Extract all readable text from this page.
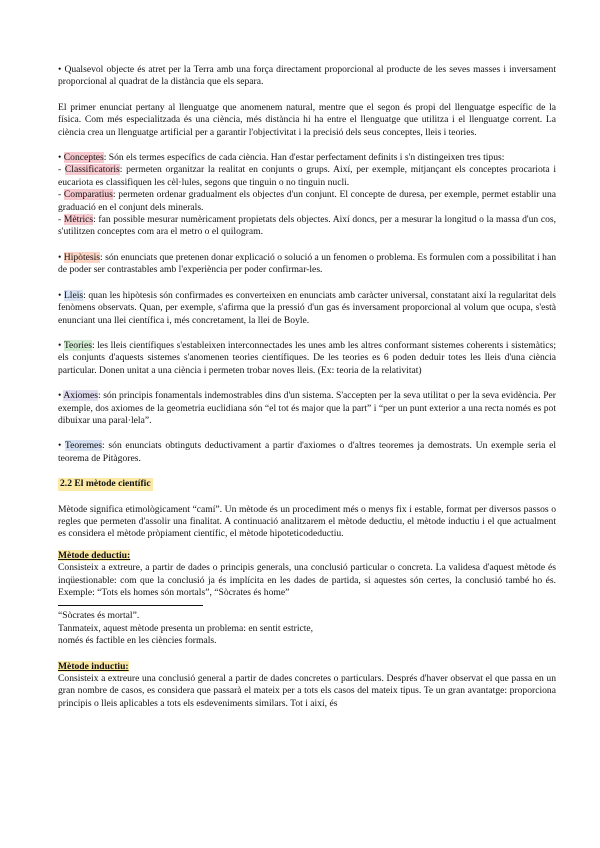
• Qualsevol objecte és atret per la Terra amb una força directament proporcional al producte de les seves masses i inversament proporcional al quadrat de la distància que els separa.

El primer enunciat pertany al llenguatge que anomenem natural, mentre que el segon és propi del llenguatge específic de la física. Com més especialitzada és una ciència, més distància hi ha entre el llenguatge que utilitza i el llenguatge corrent. La ciència crea un llenguatge artificial per a garantir l'objectivitat i la precisió dels seus conceptes, lleis i teories.

• Conceptes: Són els termes específics de cada ciència. Han d'estar perfectament definits i s'n distingeixen tres tipus:

- Classificatoris: permeten organitzar la realitat en conjunts o grups. Així, per exemple, mitjançant els conceptes procariota i eucariota es classifiquen les cèl·lules, segons que tinguin o no tinguin nucli.

- Comparatius: permeten ordenar gradualment els objectes d'un conjunt. El concepte de duresa, per exemple, permet establir una graduació en el conjunt dels minerals.

- Mètrics: fan possible mesurar numèricament propietats dels objectes. Així doncs, per a mesurar la longitud o la massa d'un cos, s'utilitzen conceptes com ara el metro o el quilogram.

• Hipòtesis: són enunciats que pretenen donar explicació o solució a un fenomen o problema. Es formulen com a possibilitat i han de poder ser contrastables amb l'experiència per poder confirmar-les.

• Lleis: quan les hipòtesis són confirmades es converteixen en enunciats amb caràcter universal, constatant així la regularitat dels fenòmens observats. Quan, per exemple, s'afirma que la pressió d'un gas és inversament proporcional al volum que ocupa, s'està enunciant una llei científica i, més concretament, la llei de Boyle.

• Teories: les lleis científiques s'estableixen interconnectades les unes amb les altres conformant sistemes coherents i sistemàtics; els conjunts d'aquests sistemes s'anomenen teories científiques. De les teories es 6 poden deduir totes les lleis d'una ciència particular. Donen unitat a una ciència i permeten trobar noves lleis. (Ex: teoria de la relativitat)

• Axiomes: són principis fonamentals indemostrables dins d'un sistema. S'accepten per la seva utilitat o per la seva evidència. Per exemple, dos axiomes de la geometria euclidiana són “el tot és major que la part” i “per un punt exterior a una recta només es pot dibuixar una paral·lela”.

• Teoremes: són enunciats obtinguts deductivament a partir d'axiomes o d'altres teoremes ja demostrats. Un exemple seria el teorema de Pitàgores.

2.2 El mètode científic

Mètode significa etimològicament “camí”. Un mètode és un procediment més o menys fix i estable, format per diversos passos o regles que permeten d'assolir una finalitat. A continuació analitzarem el mètode deductiu, el mètode inductiu i el que actualment es considera el mètode pròpiament científic, el mètode hipoteticodeductiu.

Mètode deductiu:

Consisteix a extreure, a partir de dades o principis generals, una conclusió particular o concreta. La validesa d'aquest mètode és inqüestionable: com que la conclusió ja és implícita en les dades de partida, si aquestes són certes, la conclusió també ho és. Exemple: “Tots els homes són mortals”, “Sòcrates és home”

“Sòcrates és mortal”.

Tanmateix, aquest mètode presenta un problema: en sentit estricte,

només és factible en les ciències formals.

Mètode inductiu:

Consisteix a extreure una conclusió general a partir de dades concretes o particulars. Després d'haver observat el que passa en un gran nombre de casos, es considera que passarà el mateix per a tots els casos del mateix tipus. Te un gran avantatge: proporciona principis o lleis aplicables a tots els esdeveniments similars. Tot i així, és
